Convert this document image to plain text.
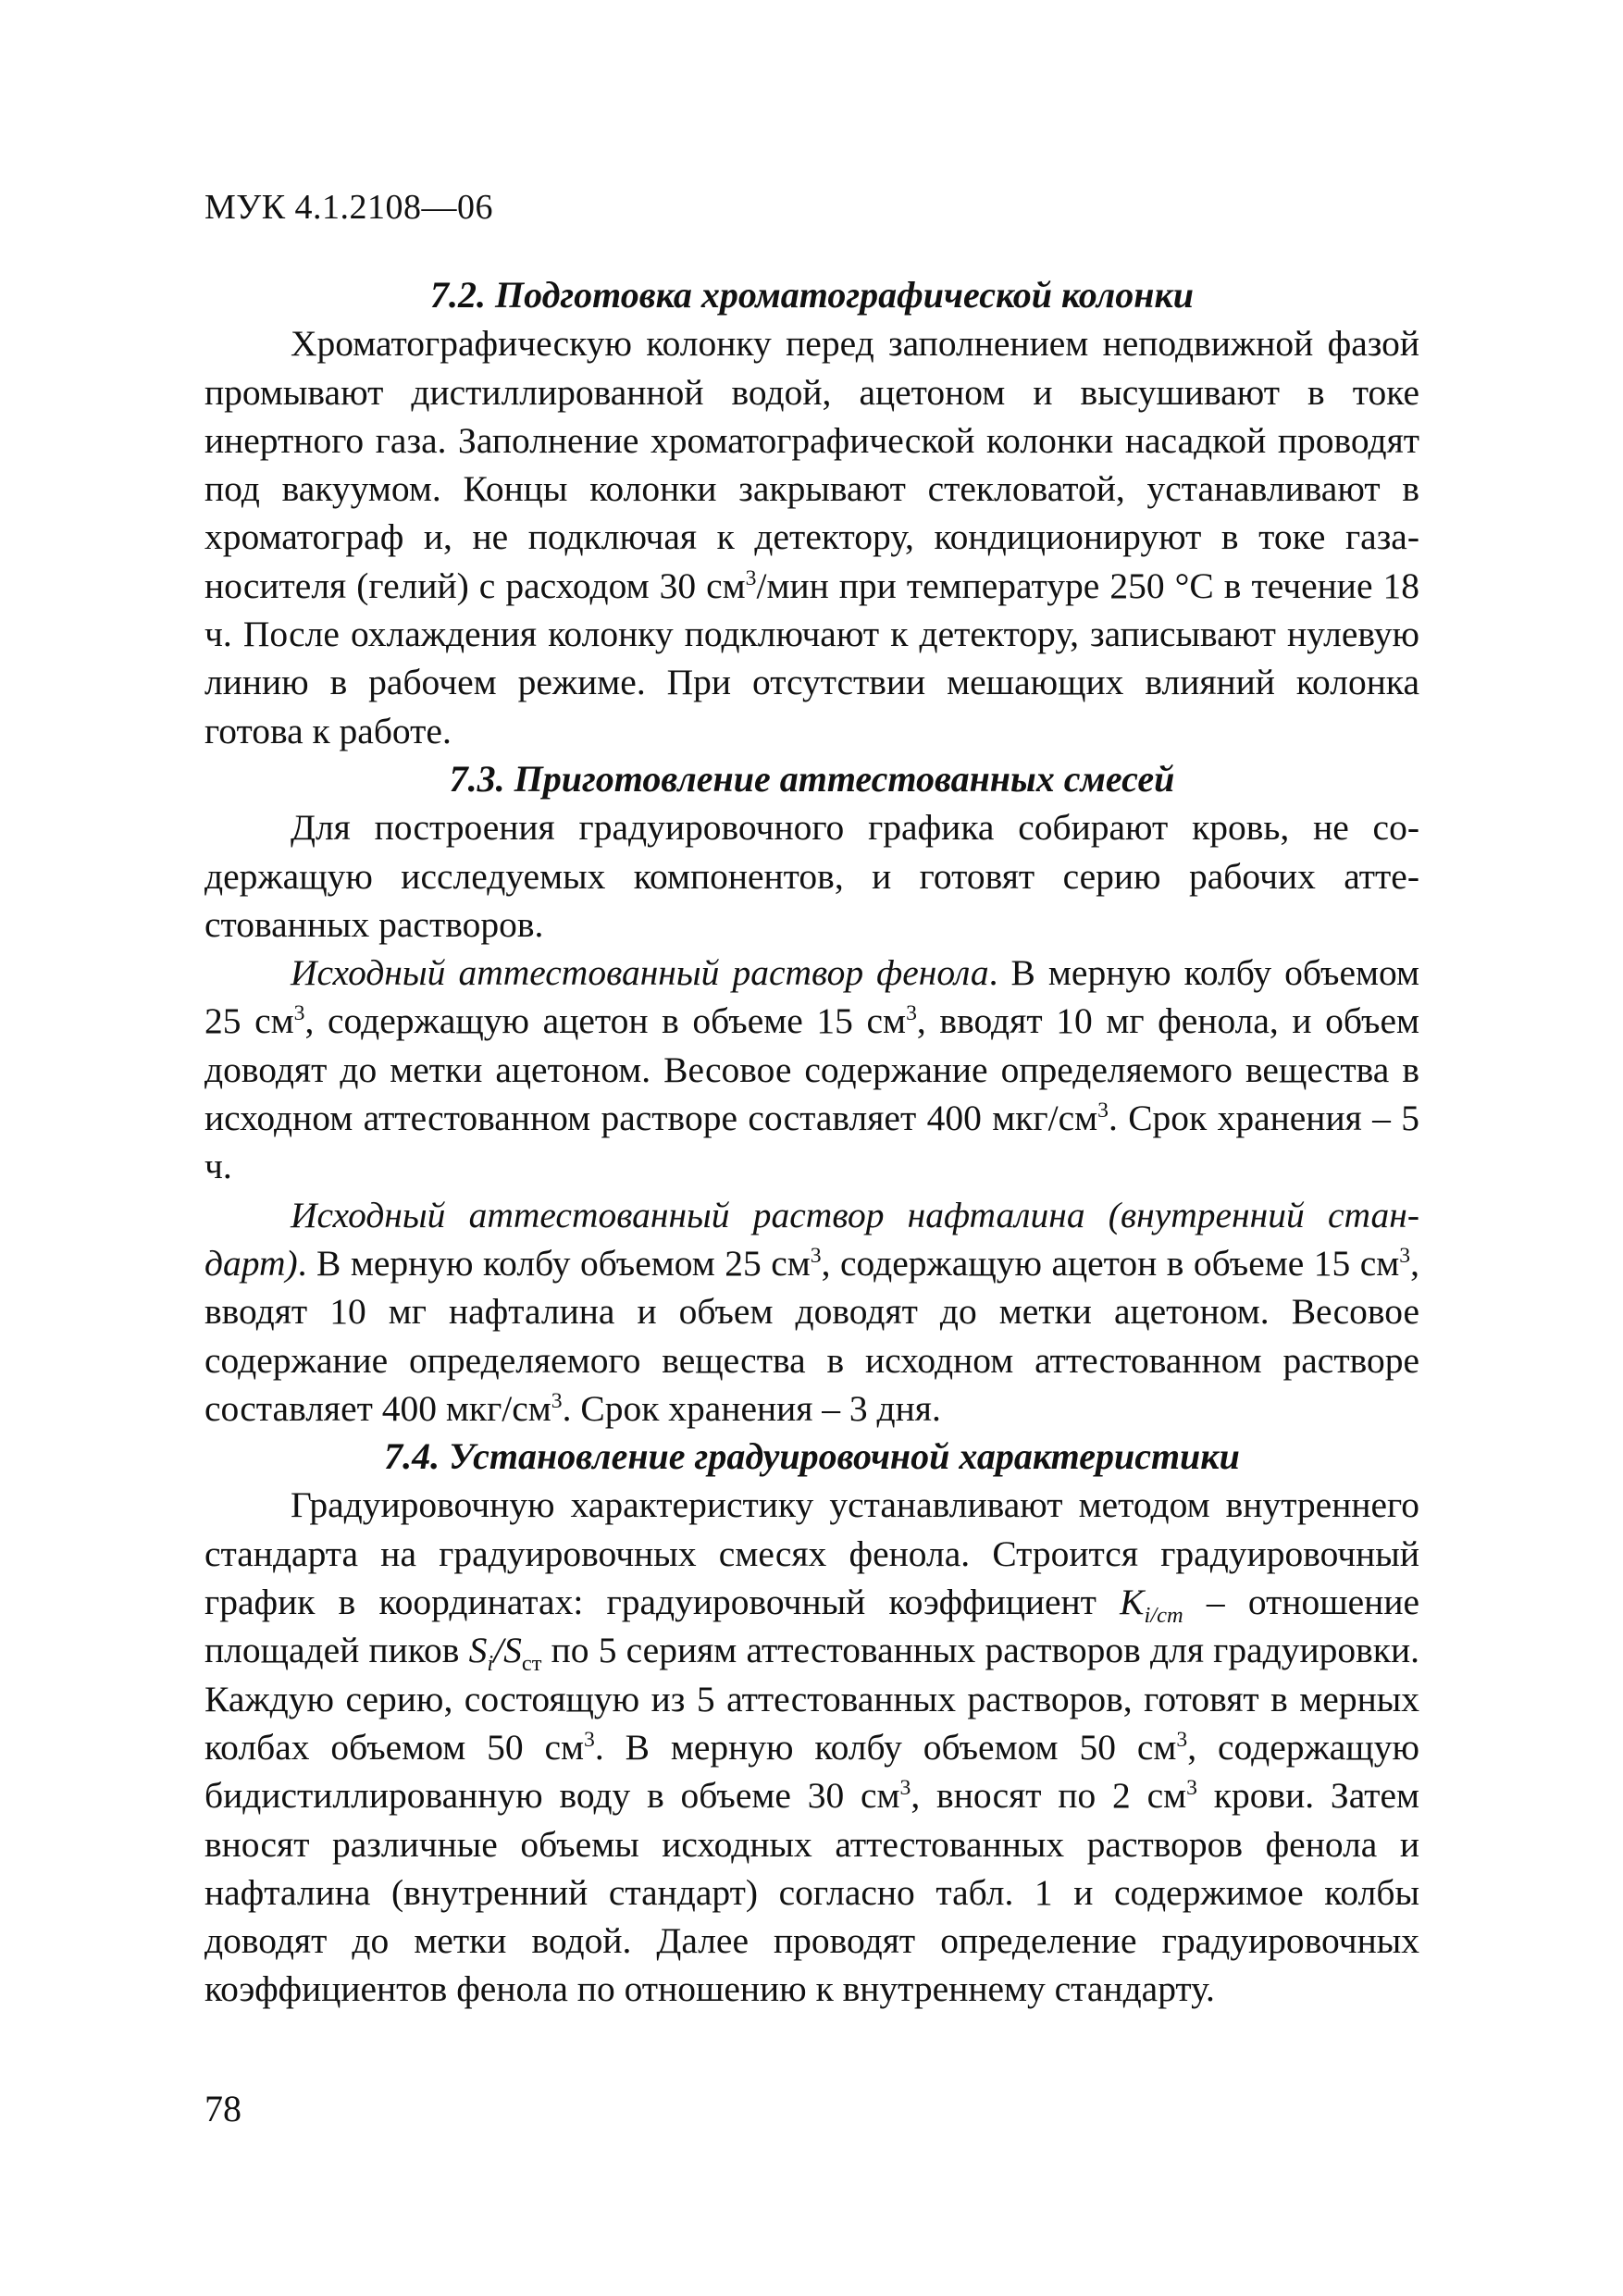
МУК 4.1.2108—06
7.2. Подготовка хроматографической колонки

Хроматографическую колонку перед заполнением неподвижной фазой промывают дистиллированной водой, ацетоном и высушивают в токе инертного газа. Заполнение хроматографической колонки насадкой проводят под вакуумом. Концы колонки закрывают стекловатой, устанавливают в хроматограф и, не подключая к детектору, кондиционируют в токе газа-носителя (гелий) с расходом 30 $см^3$/мин при температуре 250 °С в течение 18 ч. После охлаждения колонку подключают к детектору, записывают нулевую линию в рабочем режиме. При отсутствии мешающих влияний колонка готова к работе.

7.3. Приготовление аттестованных смесей

Для построения градуировочного графика собирают кровь, не содержащую исследуемых компонентов, и готовят серию рабочих аттестованных растворов.

Исходный аттестованный раствор фенола. В мерную колбу объемом 25 $см^3$, содержащую ацетон в объеме 15 $см^3$, вводят 10 мг фенола, и объем доводят до метки ацетоном. Весовое содержание определяемого вещества в исходном аттестованном растворе составляет 400 мкг/$см^3$. Срок хранения – 5 ч.

Исходный аттестованный раствор нафталина (внутренний стандарт). В мерную колбу объемом 25 $см^3$, содержащую ацетон в объеме 15 $см^3$, вводят 10 мг нафталина и объем доводят до метки ацетоном. Весовое содержание определяемого вещества в исходном аттестованном растворе составляет 400 мкг/$см^3$. Срок хранения – 3 дня.

7.4. Установление градуировочной характеристики

Градуировочную характеристику устанавливают методом внутреннего стандарта на градуировочных смесях фенола. Строится градуировочный график в координатах: градуировочный коэффициент $K_{i/ст}$ – отношение площадей пиков $S_i/S_{ст}$ по 5 сериям аттестованных растворов для градуировки. Каждую серию, состоящую из 5 аттестованных растворов, готовят в мерных колбах объемом 50 $см^3$. В мерную колбу объемом 50 $см^3$, содержащую бидистиллированную воду в объеме 30 $см^3$, вносят по 2 $см^3$ крови. Затем вносят различные объемы исходных аттестованных растворов фенола и нафталина (внутренний стандарт) согласно табл. 1 и содержимое колбы доводят до метки водой. Далее проводят определение градуировочных коэффициентов фенола по отношению к внутреннему стандарту.

78
